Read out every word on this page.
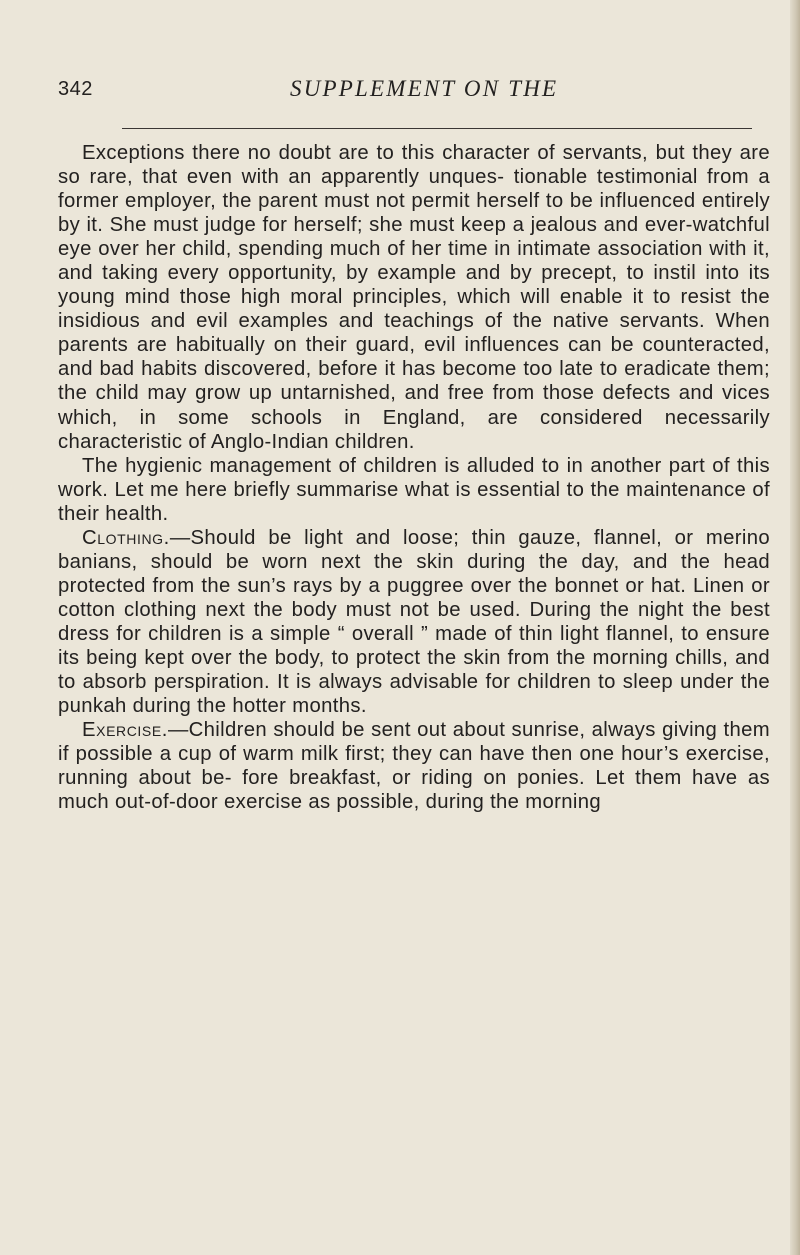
342	SUPPLEMENT ON THE

Exceptions there no doubt are to this character of servants, but they are so rare, that even with an apparently unques- tionable testimonial from a former employer, the parent must not permit herself to be influenced entirely by it. She must judge for herself; she must keep a jealous and ever-watchful eye over her child, spending much of her time in intimate association with it, and taking every opportunity, by example and by precept, to instil into its young mind those high moral principles, which will enable it to resist the insidious and evil examples and teachings of the native servants. When parents are habitually on their guard, evil influences can be counteracted, and bad habits discovered, before it has become too late to eradicate them; the child may grow up untarnished, and free from those defects and vices which, in some schools in England, are considered necessarily characteristic of Anglo-Indian children.

The hygienic management of children is alluded to in another part of this work. Let me here briefly summarise what is essential to the maintenance of their health.

Clothing.—Should be light and loose; thin gauze, flannel, or merino banians, should be worn next the skin during the day, and the head protected from the sun’s rays by a puggree over the bonnet or hat. Linen or cotton clothing next the body must not be used. During the night the best dress for children is a simple “ overall ” made of thin light flannel, to ensure its being kept over the body, to protect the skin from the morning chills, and to absorb perspiration. It is always advisable for children to sleep under the punkah during the hotter months.

Exercise.—Children should be sent out about sunrise, always giving them if possible a cup of warm milk first; they can have then one hour’s exercise, running about be- fore breakfast, or riding on ponies. Let them have as much out-of-door exercise as possible, during the morning
